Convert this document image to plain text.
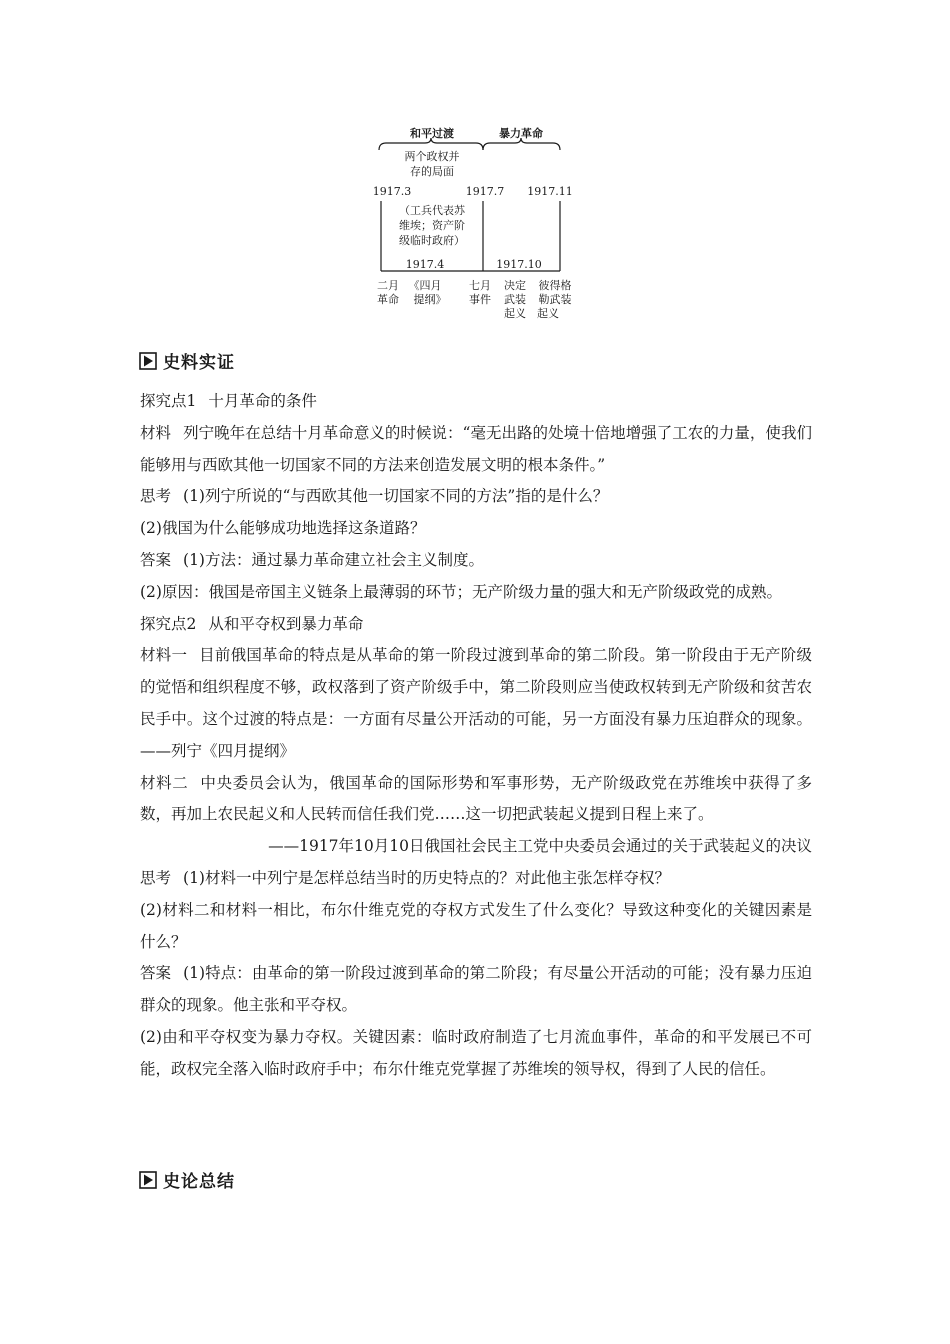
和平过渡	暴力革命
两个政权并
存的局面
1917.3	1917.7 1917.11
（工兵代表苏
维埃；资产阶
级临时政府）
1917.4	1917.10
二月
革命
《四月
提纲》
七月
事件
决定
武装
起义
彼得格
勒武装
起义
史料实证

探究点1 十月革命的条件

材料 列宁晚年在总结十月革命意义的时候说：“毫无出路的处境十倍地增强了工农的力量，使我们能够用与西欧其他一切国家不同的方法来创造发展文明的根本条件。”

思考 (1)列宁所说的“与西欧其他一切国家不同的方法”指的是什么？

(2)俄国为什么能够成功地选择这条道路？

答案 (1)方法：通过暴力革命建立社会主义制度。

(2)原因：俄国是帝国主义链条上最薄弱的环节；无产阶级力量的强大和无产阶级政党的成熟。

探究点2 从和平夺权到暴力革命

材料一 目前俄国革命的特点是从革命的第一阶段过渡到革命的第二阶段。第一阶段由于无产阶级的觉悟和组织程度不够，政权落到了资产阶级手中，第二阶段则应当使政权转到无产阶级和贫苦农民手中。这个过渡的特点是：一方面有尽量公开活动的可能，另一方面没有暴力压迫群众的现象。——列宁《四月提纲》

材料二 中央委员会认为，俄国革命的国际形势和军事形势，无产阶级政党在苏维埃中获得了多数，再加上农民起义和人民转而信任我们党……这一切把武装起义提到日程上来了。

——1917年10月10日俄国社会民主工党中央委员会通过的关于武装起义的决议

思考 (1)材料一中列宁是怎样总结当时的历史特点的？对此他主张怎样夺权？

(2)材料二和材料一相比，布尔什维克党的夺权方式发生了什么变化？导致这种变化的关键因素是什么？

答案 (1)特点：由革命的第一阶段过渡到革命的第二阶段；有尽量公开活动的可能；没有暴力压迫群众的现象。他主张和平夺权。

(2)由和平夺权变为暴力夺权。关键因素：临时政府制造了七月流血事件，革命的和平发展已不可能，政权完全落入临时政府手中；布尔什维克党掌握了苏维埃的领导权，得到了人民的信任。

史论总结
